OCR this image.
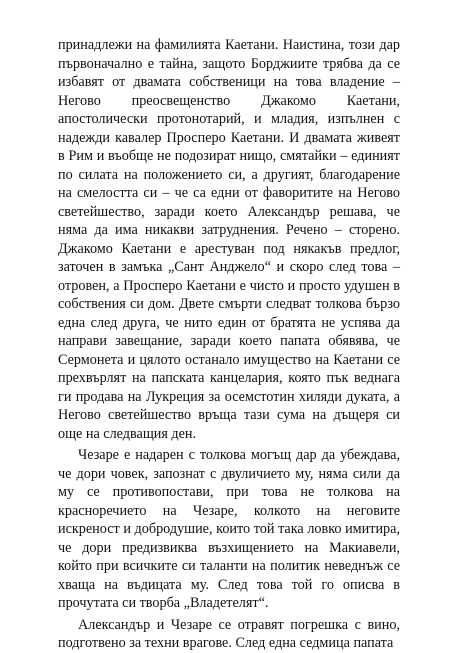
принадлежи на фамилията Каетани. Наистина, този дар първоначално е тайна, защото Борджиите трябва да се избавят от двамата собственици на това владение – Негово преосвещенство Джакомо Каетани, апостолически протонотарий, и младия, изпълнен с надежди кавалер Просперо Каетани. И двамата живеят в Рим и въобще не подозират нищо, смятайки – единият по силата на положението си, а другият, благодарение на смелостта си – че са едни от фаворитите на Негово светейшество, заради което Александър решава, че няма да има никакви затруднения. Речено – сторено. Джакомо Каетани е арестуван под някакъв предлог, заточен в замъка „Сант Анджело“ и скоро след това – отровен, а Просперо Каетани е чисто и просто удушен в собствения си дом. Двете смърти следват толкова бързо една след друга, че нито един от братята не успява да направи завещание, заради което папата обявява, че Сермонета и цялото останало имущество на Каетани се прехвърлят на папската канцелария, която пък веднага ги продава на Лукреция за осемстотин хиляди дуката, а Негово светейшество връща тази сума на дъщеря си още на следващия ден.

Чезаре е надарен с толкова могъщ дар да убеждава, че дори човек, запознат с двуличието му, няма сили да му се противопостави, при това не толкова на красноречието на Чезаре, колкото на неговите искреност и добродушие, които той така ловко имитира, че дори предизвиква възхищението на Макиавели, който при всичките си таланти на политик неведнъж се хваща на въдицата му. След това той го описва в прочутата си творба „Владетелят“.

Александър и Чезаре се отравят погрешка с вино, подготвено за техни врагове. След една седмица папата
